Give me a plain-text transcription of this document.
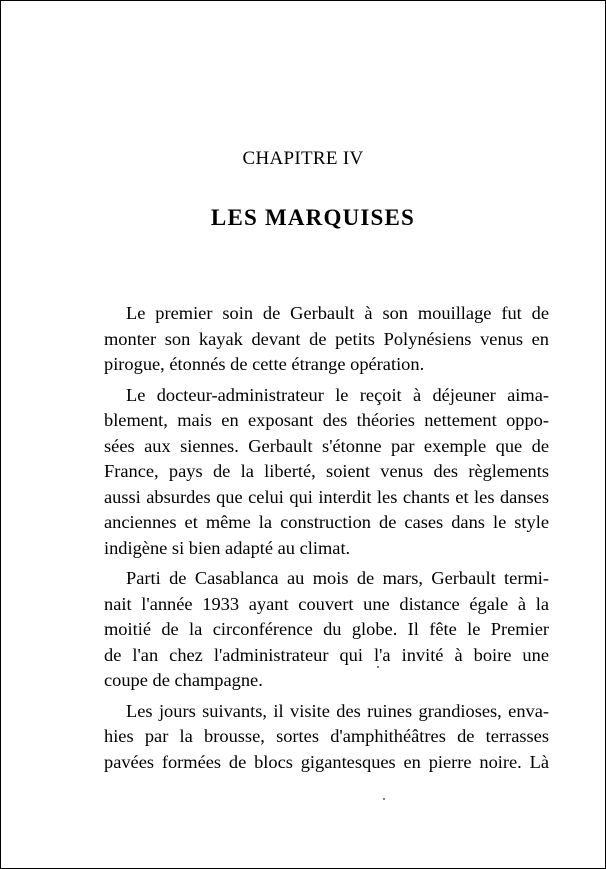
CHAPITRE IV
LES MARQUISES
Le premier soin de Gerbault à son mouillage fut de
monter son kayak devant de petits Polynésiens venus en
pirogue, étonnés de cette étrange opération.
Le docteur-administrateur le reçoit à déjeuner aima-
blement, mais en exposant des théories nettement oppo-
sées aux siennes. Gerbault s'étonne par exemple que de
France, pays de la liberté, soient venus des règlements
aussi absurdes que celui qui interdit les chants et les danses
anciennes et même la construction de cases dans le style
indigène si bien adapté au climat.
Parti de Casablanca au mois de mars, Gerbault termi-
nait l'année 1933 ayant couvert une distance égale à la
moitié de la circonférence du globe. Il fête le Premier
de l'an chez l'administrateur qui l'a invité à boire une
coupe de champagne.
Les jours suivants, il visite des ruines grandioses, enva-
hies par la brousse, sortes d'amphithéâtres de terrasses
pavées formées de blocs gigantesques en pierre noire. Là
